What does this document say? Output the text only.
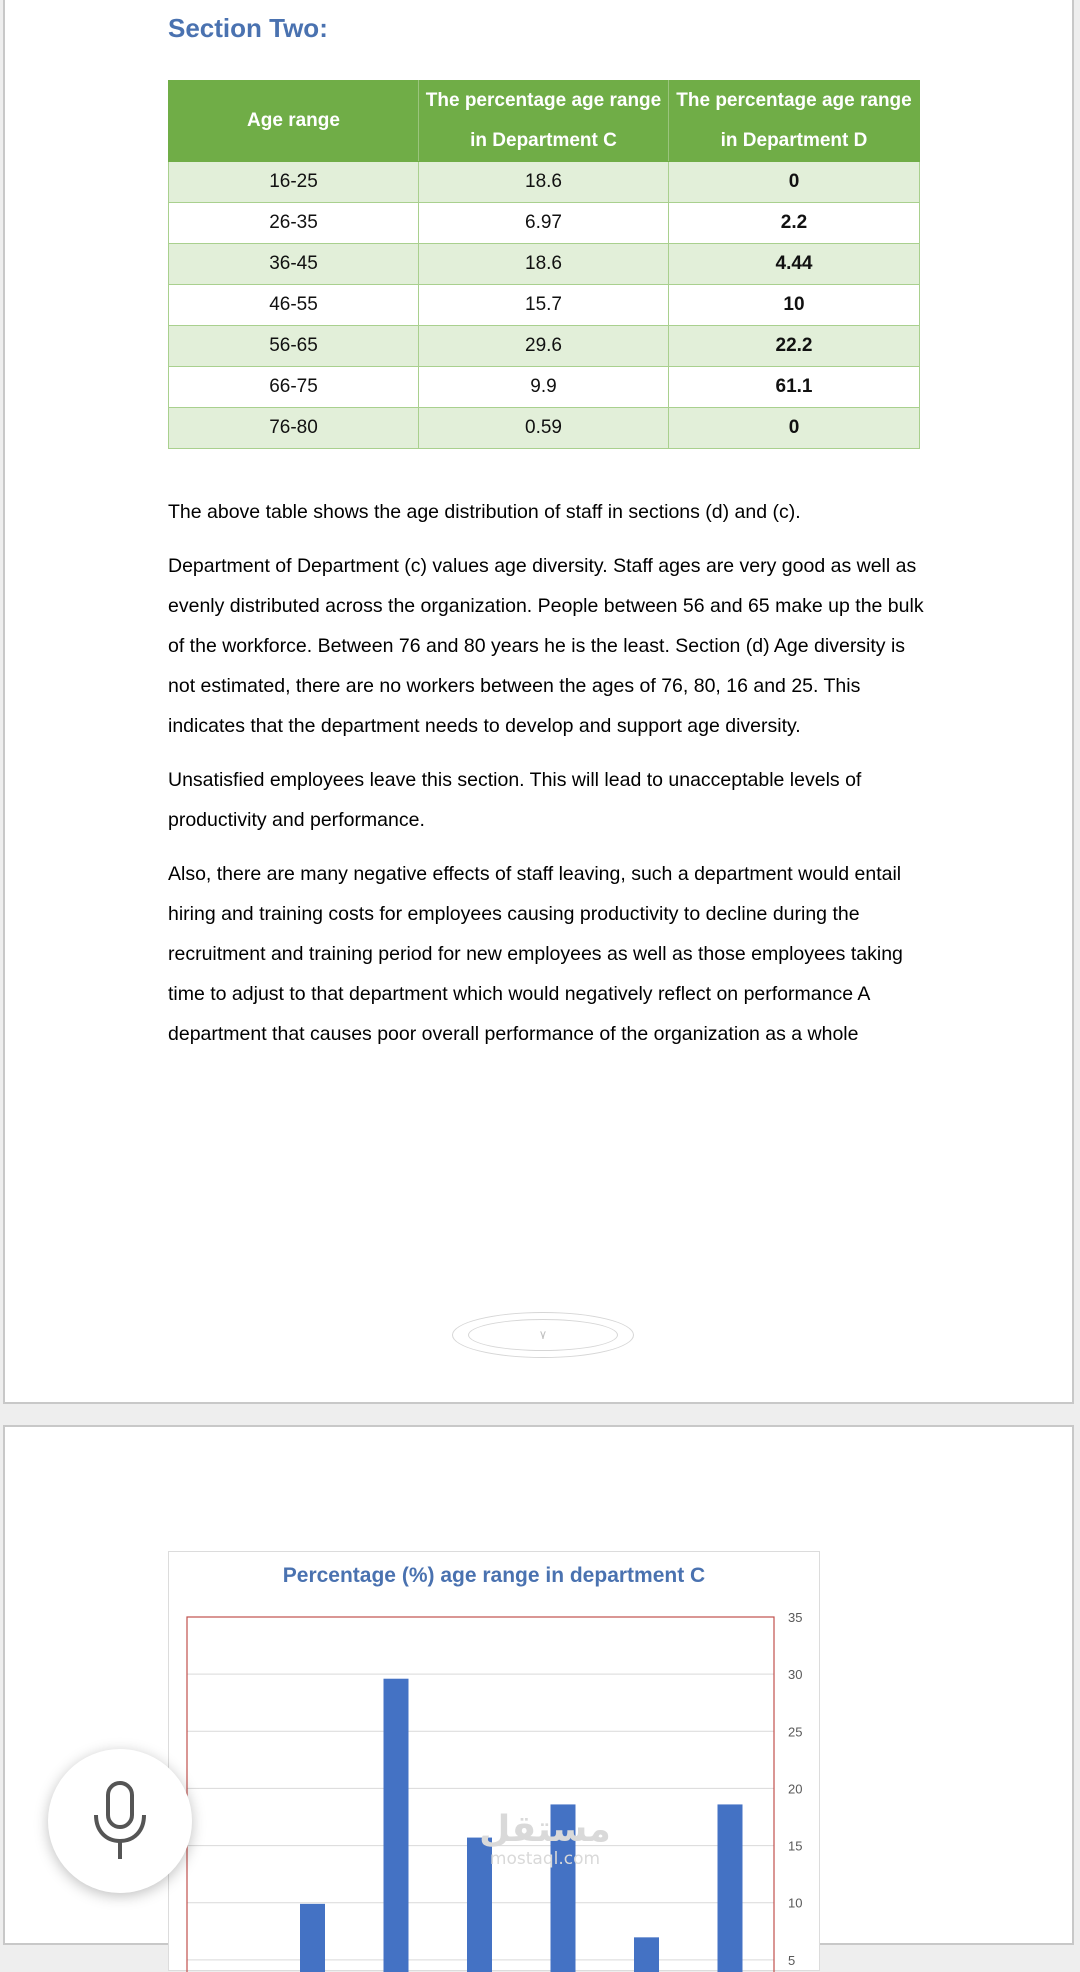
Section Two:
Age range	The percentage age range in Department C	The percentage age range in Department D
16-25	18.6	0
26-35	6.97	2.2
36-45	18.6	4.44
46-55	15.7	10
56-65	29.6	22.2
66-75	9.9	61.1
76-80	0.59	0

The above table shows the age distribution of staff in sections (d) and (c).

Department of Department (c) values age diversity. Staff ages are very good as well as evenly distributed across the organization. People between 56 and 65 make up the bulk of the workforce. Between 76 and 80 years he is the least. Section (d) Age diversity is not estimated, there are no workers between the ages of 76, 80, 16 and 25. This indicates that the department needs to develop and support age diversity.

Unsatisfied employees leave this section. This will lead to unacceptable levels of productivity and performance.

Also, there are many negative effects of staff leaving, such a department would entail hiring and training costs for employees causing productivity to decline during the recruitment and training period for new employees as well as those employees taking time to adjust to that department which would negatively reflect on performance A department that causes poor overall performance of the organization as a whole

٧
Percentage (%) age range in department C
5
10
15
20
25
30
35
مستقل
mostaql.com
